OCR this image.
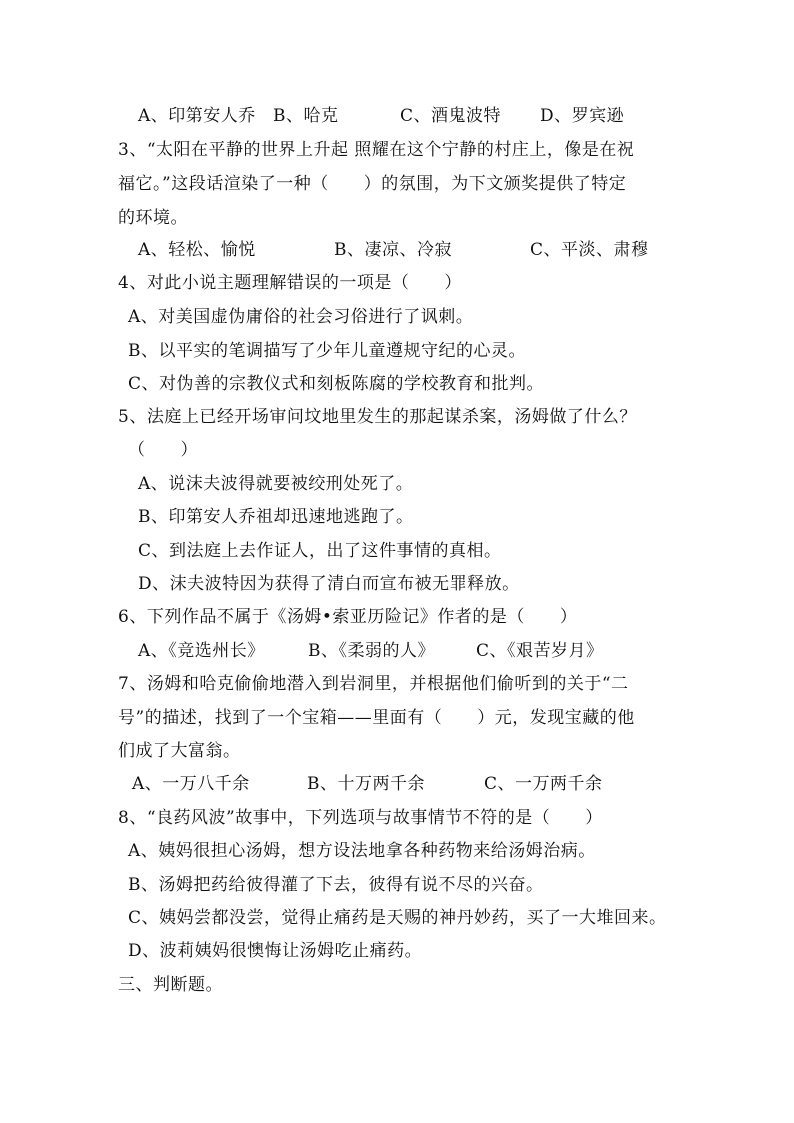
A、印第安人乔 B、哈克	C、酒鬼波特 D、罗宾逊
3、“太阳在平静的世界上升起 照耀在这个宁静的村庄上，像是在祝
福它。”这段话渲染了一种（　　）的氛围，为下文颁奖提供了特定
的环境。
A、轻松、愉悦	B、凄凉、冷寂	C、平淡、肃穆
4、对此小说主题理解错误的一项是（　　）
A、对美国虚伪庸俗的社会习俗进行了讽刺。
B、以平实的笔调描写了少年儿童遵规守纪的心灵。
C、对伪善的宗教仪式和刻板陈腐的学校教育和批判。
5、法庭上已经开场审问坟地里发生的那起谋杀案，汤姆做了什么？
（　　）
A、说沫夫波得就要被绞刑处死了。
B、印第安人乔祖却迅速地逃跑了。
C、到法庭上去作证人，出了这件事情的真相。
D、沫夫波特因为获得了清白而宣布被无罪释放。
6、下列作品不属于《汤姆•索亚历险记》作者的是（　　）
A、《竞选州长》	B、《柔弱的人》 C、《艰苦岁月》
7、汤姆和哈克偷偷地潜入到岩洞里，并根据他们偷听到的关于“二
号”的描述，找到了一个宝箱——里面有（　　）元，发现宝藏的他
们成了大富翁。
A、一万八千余	B、十万两千余	C、一万两千余
8、“良药风波”故事中，下列选项与故事情节不符的是（　　）
A、姨妈很担心汤姆，想方设法地拿各种药物来给汤姆治病。
B、汤姆把药给彼得灌了下去，彼得有说不尽的兴奋。
C、姨妈尝都没尝，觉得止痛药是天赐的神丹妙药，买了一大堆回来。
D、波莉姨妈很懊悔让汤姆吃止痛药。
三、判断题。
